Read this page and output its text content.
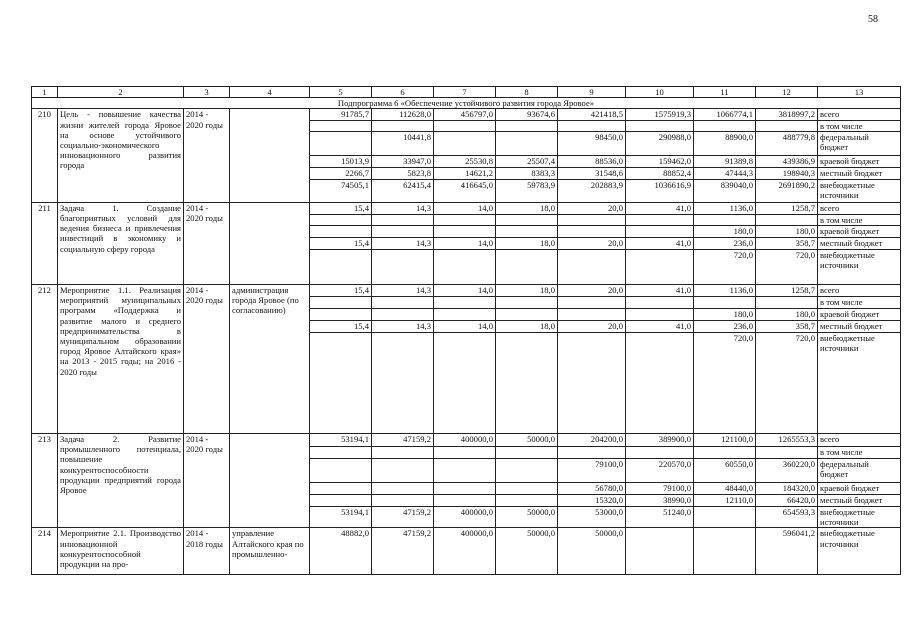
58
1	2	3	4	5	6	7	8	9	10	11	12	13
Подпрограмма 6 «Обеспечение устойчивого развития города Яровое»												

210	Цель - повышение качества жизни жителей города Яровое на основе устойчивого социально-экономического инновационного развития города	2014 - 2020 годы		91785,7	112628,0	456797,0	93674,6	421418,5	1575919,3	1066774,1	3818997,2	всего
												в том числе
					10441,8			98450,0	290988,0	88900,0	488779,8	федеральный бюджет
				15013,9	33947,0	25530,8	25507,4	88536,0	159462,0	91389,8	439386,9	краевой бюджет
				2266,7	5823,8	14621,2	8383,3	31548,6	88852,4	47444,3	198940,3	местный бюджет
				74505,1	62415,4	416645,0	59783,9	202883,9	1036616,9	839040,0	2691890,2	внебюджетные источники

211	Задача 1. Создание благоприятных условий для ведения бизнеса и привлечения инвестиций в экономику и социальную сферу города	2014 - 2020 годы		15,4	14,3	14,0	18,0	20,0	41,0	1136,0	1258,7	всего
												в том числе
										180,0	180,0	краевой бюджет
				15,4	14,3	14,0	18,0	20,0	41,0	236,0	358,7	местный бюджет
										720,0	720,0	внебюджетные источники

212	Мероприятие 1.1. Реализация мероприятий муниципальных программ «Поддержка и развитие малого и среднего предпринимательства в муниципальном образовании город Яровое Алтайского края» на 2013 - 2015 годы; на 2016 - 2020 годы	2014 - 2020 годы	администрация города Яровое (по согласованию)	15,4	14,3	14,0	18,0	20,0	41,0	1136,0	1258,7	всего
												в том числе
										180,0	180,0	краевой бюджет
				15,4	14,3	14,0	18,0	20,0	41,0	236,0	358,7	местный бюджет
										720,0	720,0	внебюджетные источники

213	Задача 2. Развитие промышленного потенциала, повышение конкурентоспособности продукции предприятий города Яровое	2014 - 2020 годы		53194,1	47159,2	400000,0	50000,0	204200,0	389900,0	121100,0	1265553,3	всего
												в том числе
								79100,0	220570,0	60550,0	360220,0	федеральный бюджет
								56780,0	79100,0	48440,0	184320,0	краевой бюджет
								15320,0	38990,0	12110,0	66420,0	местный бюджет
				53194,1	47159,2	400000,0	50000,0	53000,0	51240,0		654593,3	внебюджетные источники

214	Мероприятие 2.1. Производство инновационной конкурентоспособной продукции на про-	2014 - 2018 годы	управление Алтайского края по промышленно-	48882,0	47159,2	400000,0	50000,0	50000,0			596041,2	внебюджетные источники
